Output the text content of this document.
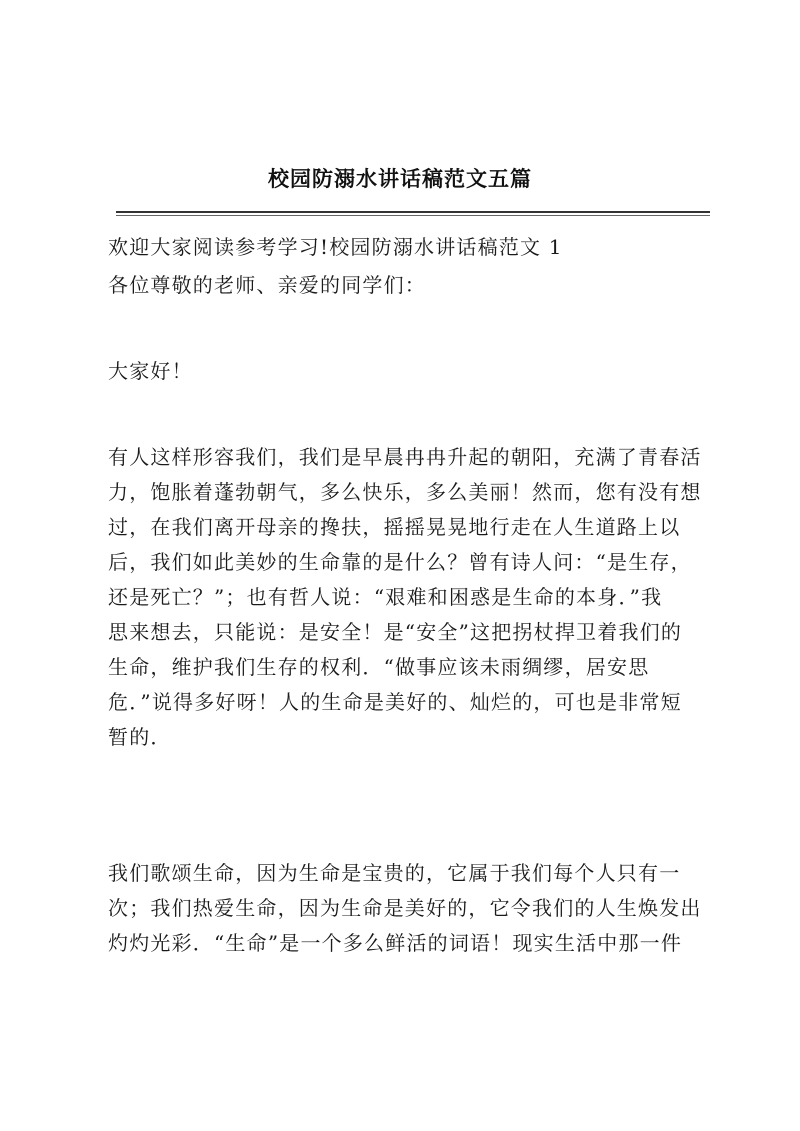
校园防溺水讲话稿范文五篇
欢迎大家阅读参考学习!校园防溺水讲话稿范文 1
各位尊敬的老师、亲爱的同学们：
大家好！
有人这样形容我们，我们是早晨冉冉升起的朝阳，充满了青春活
力，饱胀着蓬勃朝气，多么快乐，多么美丽！然而，您有没有想
过，在我们离开母亲的搀扶，摇摇晃晃地行走在人生道路上以
后，我们如此美妙的生命靠的是什么？曾有诗人问：“是生存，
还是死亡？”；也有哲人说：“艰难和困惑是生命的本身．”我
思来想去，只能说：是安全！是“安全”这把拐杖捍卫着我们的
生命，维护我们生存的权利．“做事应该未雨绸缪，居安思
危．”说得多好呀！人的生命是美好的、灿烂的，可也是非常短
暂的．
我们歌颂生命，因为生命是宝贵的，它属于我们每个人只有一
次；我们热爱生命，因为生命是美好的，它令我们的人生焕发出
灼灼光彩．“生命”是一个多么鲜活的词语！现实生活中那一件
